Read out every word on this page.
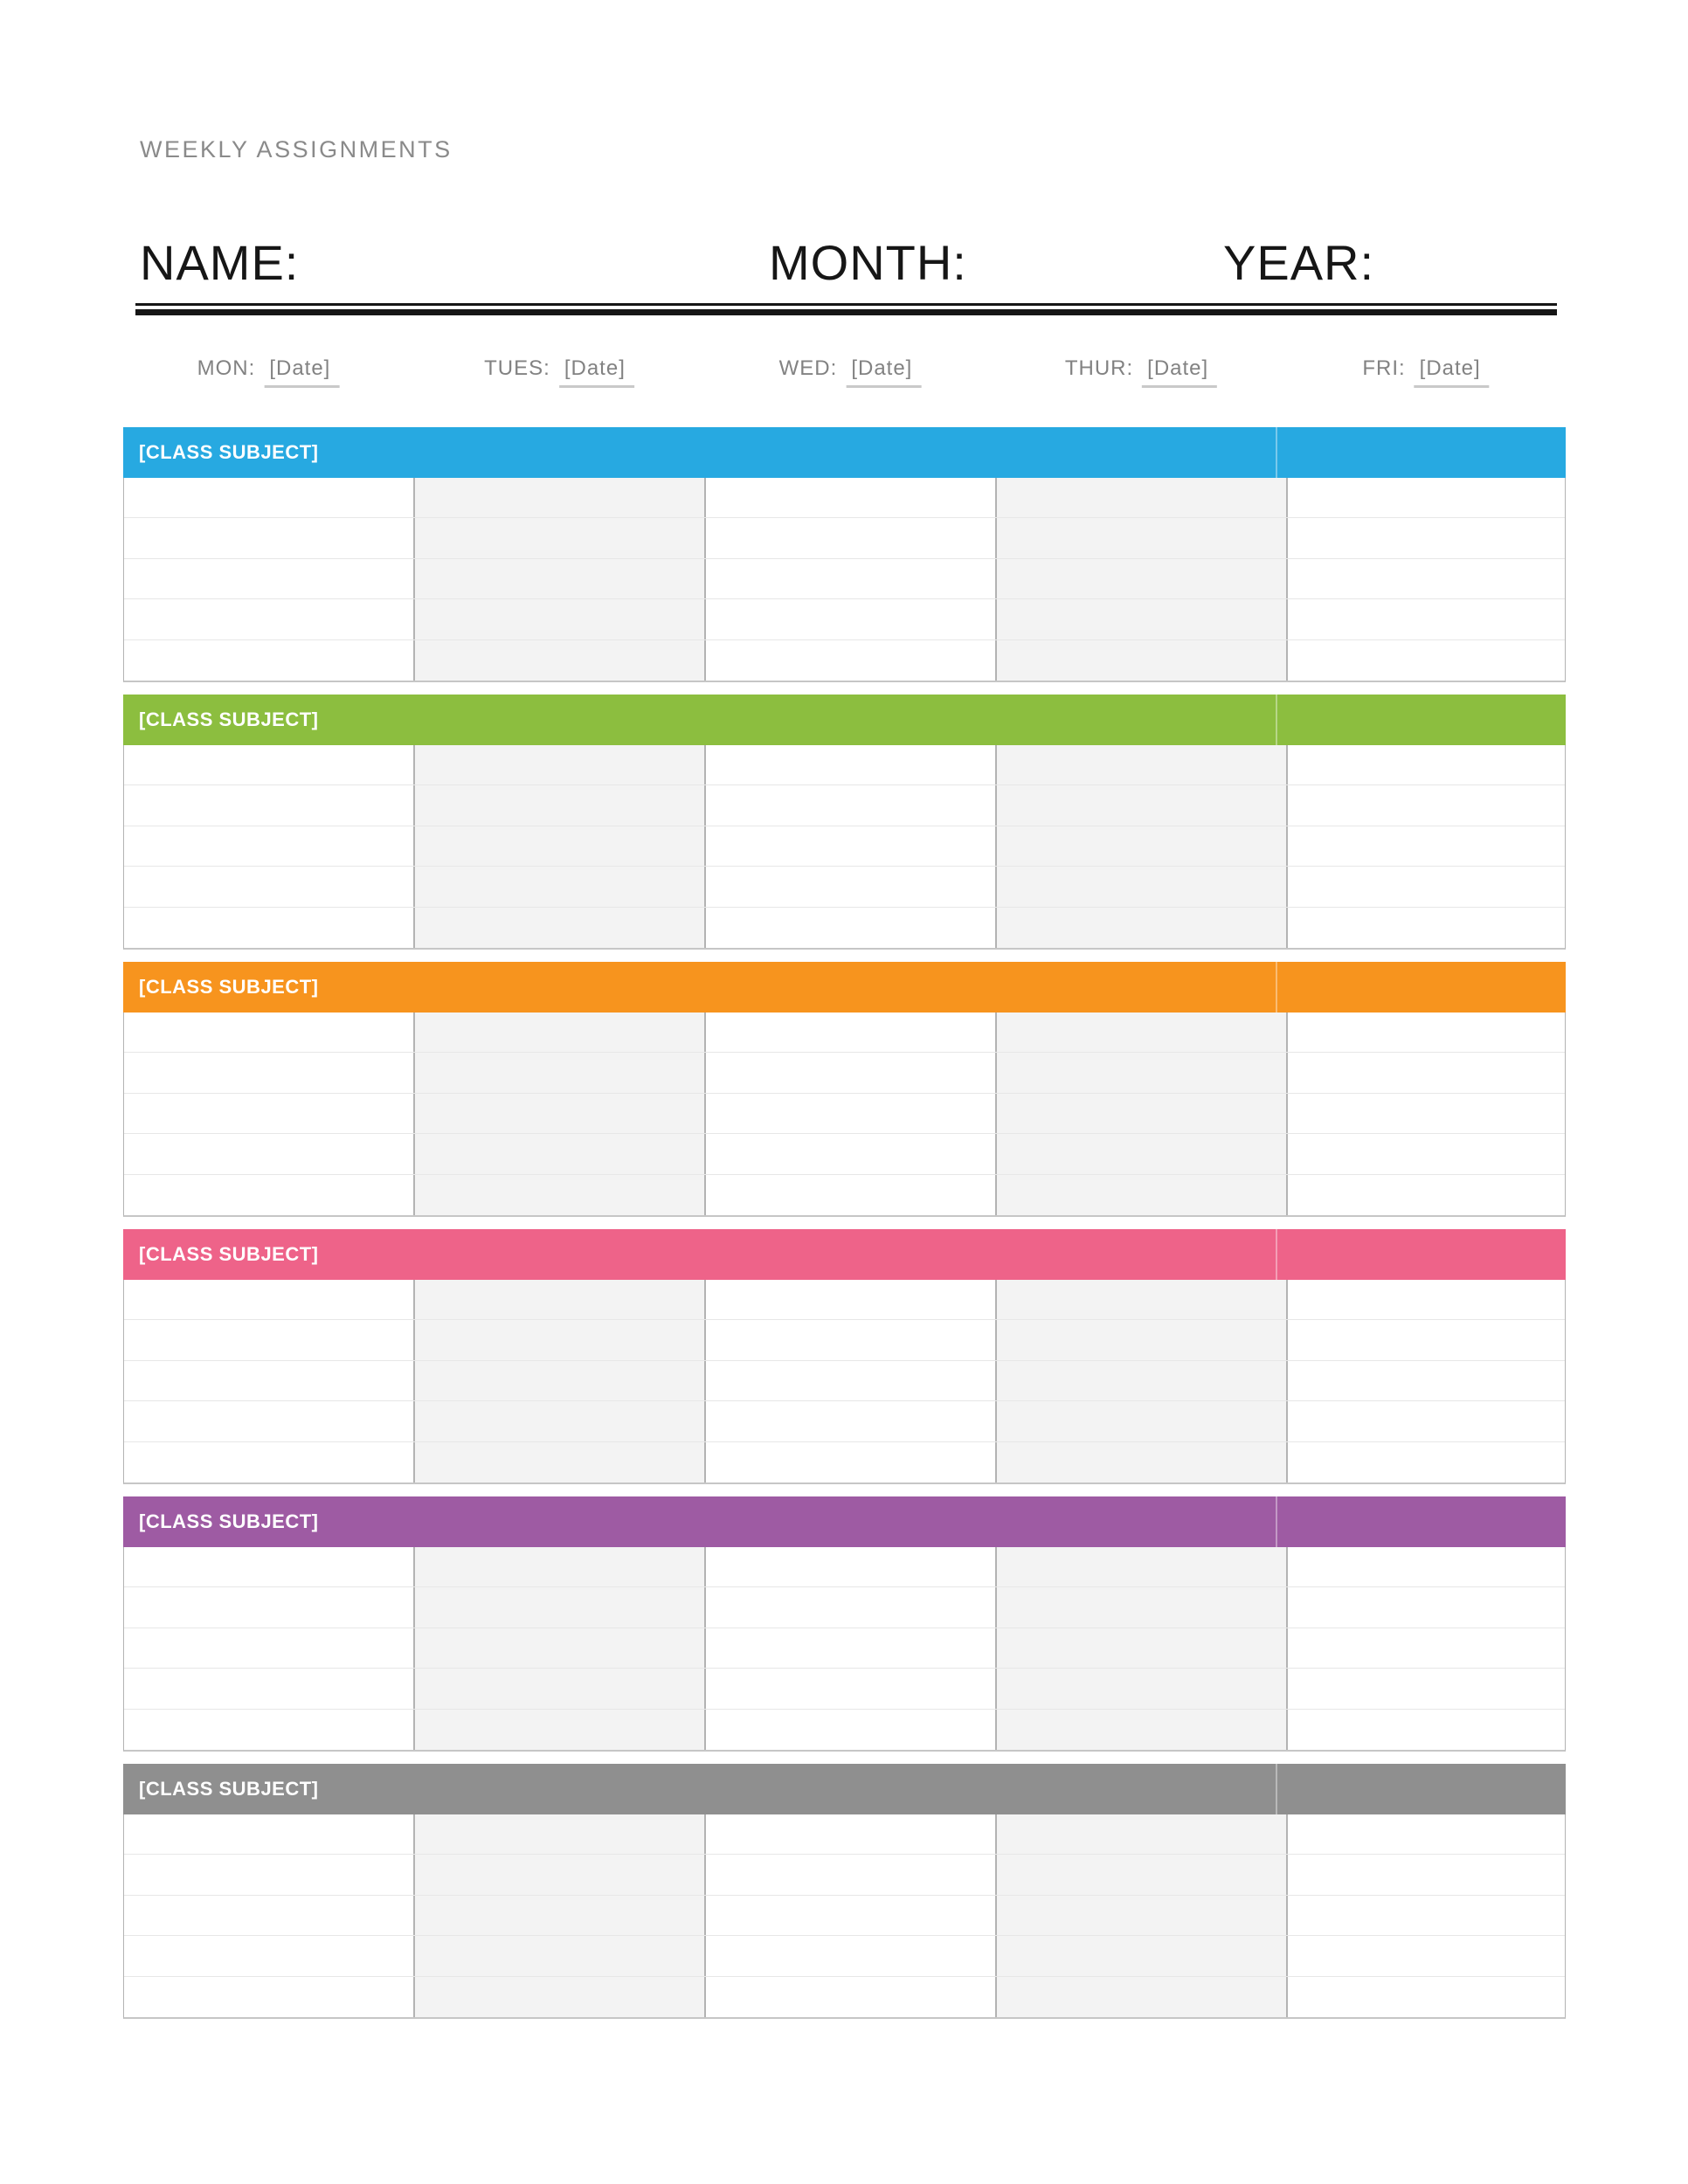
WEEKLY ASSIGNMENTS
NAME:	MONTH:	YEAR:
MON: [Date]	TUES: [Date]	WED: [Date]	THUR: [Date]	FRI: [Date]
[CLASS SUBJECT]
[CLASS SUBJECT]
[CLASS SUBJECT]
[CLASS SUBJECT]
[CLASS SUBJECT]
[CLASS SUBJECT]
